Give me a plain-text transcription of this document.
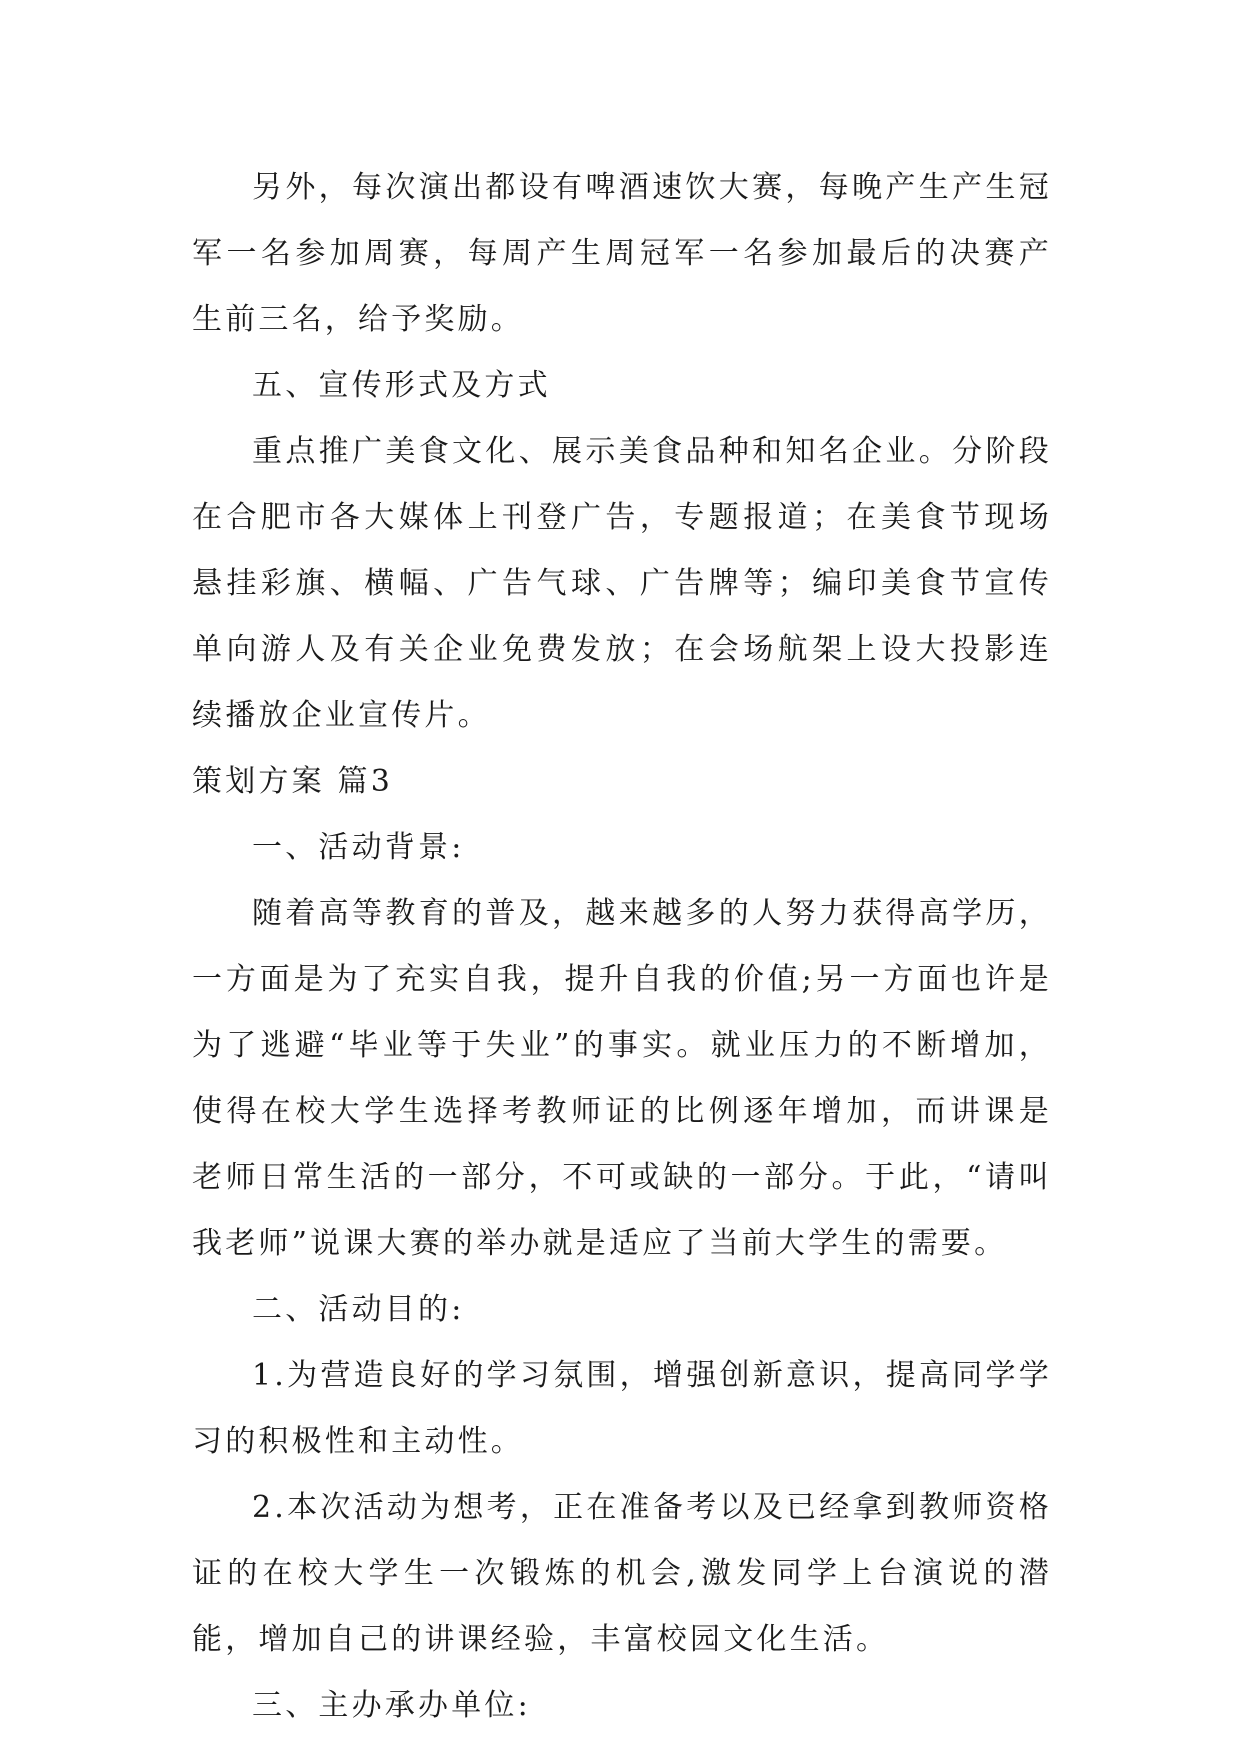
另外，每次演出都设有啤酒速饮大赛，每晚产生产生冠军一名参加周赛，每周产生周冠军一名参加最后的决赛产生前三名，给予奖励。

五、宣传形式及方式

重点推广美食文化、展示美食品种和知名企业。分阶段在合肥市各大媒体上刊登广告，专题报道；在美食节现场悬挂彩旗、横幅、广告气球、广告牌等；编印美食节宣传单向游人及有关企业免费发放；在会场航架上设大投影连续播放企业宣传片。

策划方案 篇3

一、活动背景:

随着高等教育的普及，越来越多的人努力获得高学历，一方面是为了充实自我，提升自我的价值;另一方面也许是为了逃避“毕业等于失业”的事实。就业压力的不断增加，使得在校大学生选择考教师证的比例逐年增加，而讲课是老师日常生活的一部分，不可或缺的一部分。于此，“请叫我老师”说课大赛的举办就是适应了当前大学生的需要。

二、活动目的:

1.为营造良好的学习氛围，增强创新意识，提高同学学习的积极性和主动性。

2.本次活动为想考，正在准备考以及已经拿到教师资格证的在校大学生一次锻炼的机会,激发同学上台演说的潜能，增加自己的讲课经验，丰富校园文化生活。

三、主办承办单位:
